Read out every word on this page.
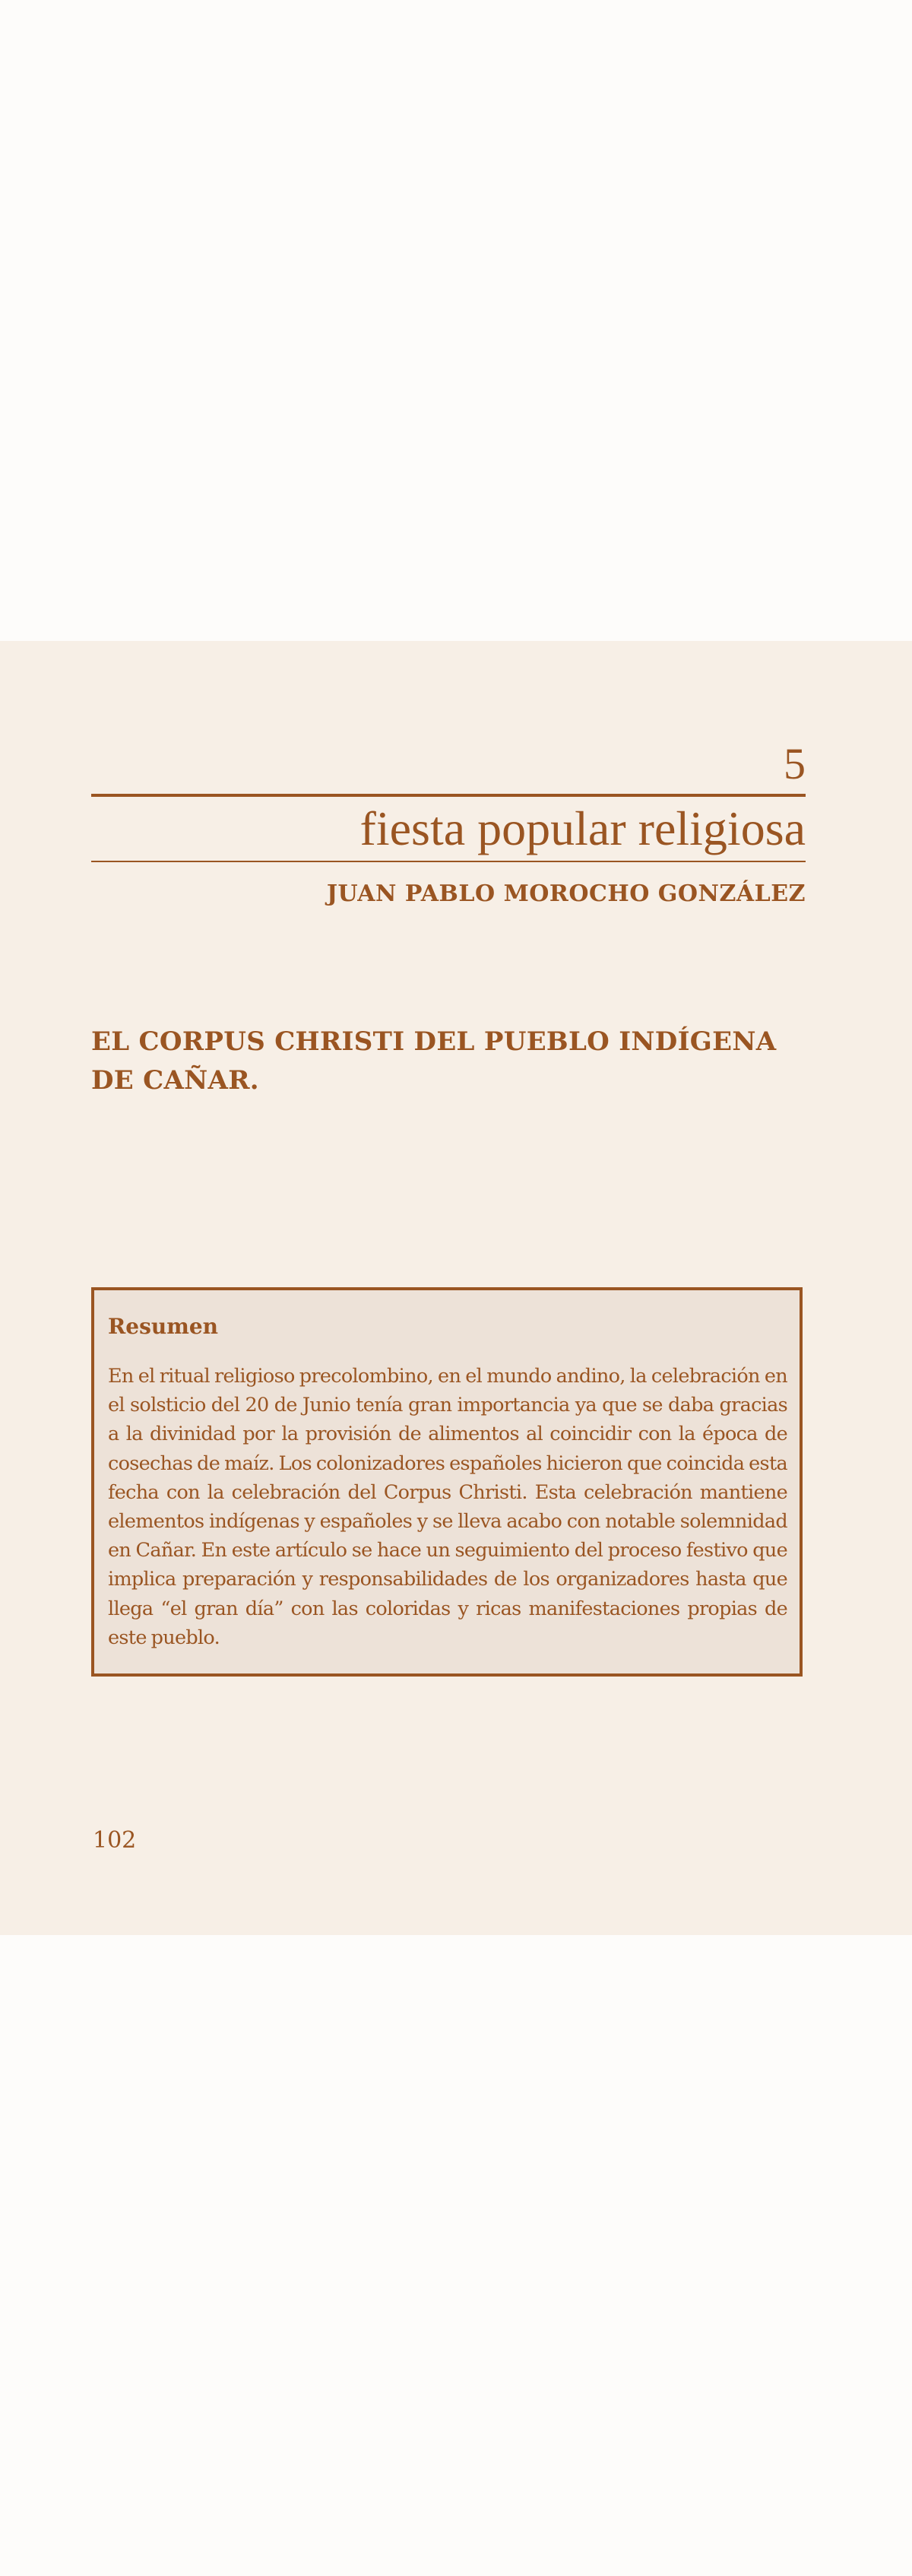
5
fiesta popular religiosa
JUAN PABLO MOROCHO GONZÁLEZ
EL CORPUS CHRISTI DEL PUEBLO INDÍGENA DE CAÑAR.
Resumen

En el ritual religioso precolombino, en el mundo andino, la celebración en el solsticio del 20 de Junio tenía gran importancia ya que se daba gracias a la divinidad por la provisión de alimentos al coincidir con la época de cosechas de maíz. Los colonizadores españoles hicieron que coincida esta fecha con la celebración del Corpus Christi. Esta celebración mantiene elementos indígenas y españoles y se lleva acabo con notable solemnidad en Cañar. En este artículo se hace un seguimiento del proceso festivo que implica preparación y responsabilidades de los organizadores hasta que llega “el gran día” con las coloridas y ricas manifestaciones propias de este pueblo.

102
